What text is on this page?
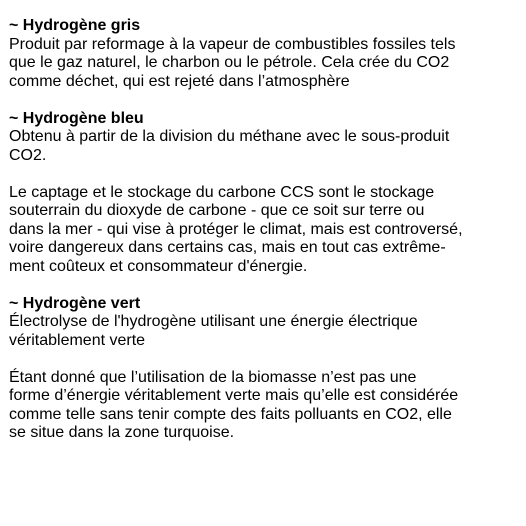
~ Hydrogène gris
Produit par reformage à la vapeur de combustibles fossiles tels
que le gaz naturel, le charbon ou le pétrole. Cela crée du CO2
comme déchet, qui est rejeté dans l’atmosphère
~ Hydrogène bleu
Obtenu à partir de la division du méthane avec le sous-produit
CO2.
Le captage et le stockage du carbone CCS sont le stockage
souterrain du dioxyde de carbone - que ce soit sur terre ou
dans la mer - qui vise à protéger le climat, mais est controversé,
voire dangereux dans certains cas, mais en tout cas extrême-
ment coûteux et consommateur d'énergie.
~ Hydrogène vert
Électrolyse de l'hydrogène utilisant une énergie électrique
véritablement verte
Étant donné que l’utilisation de la biomasse n’est pas une
forme d’énergie véritablement verte mais qu’elle est considérée
comme telle sans tenir compte des faits polluants en CO2, elle
se situe dans la zone turquoise.
